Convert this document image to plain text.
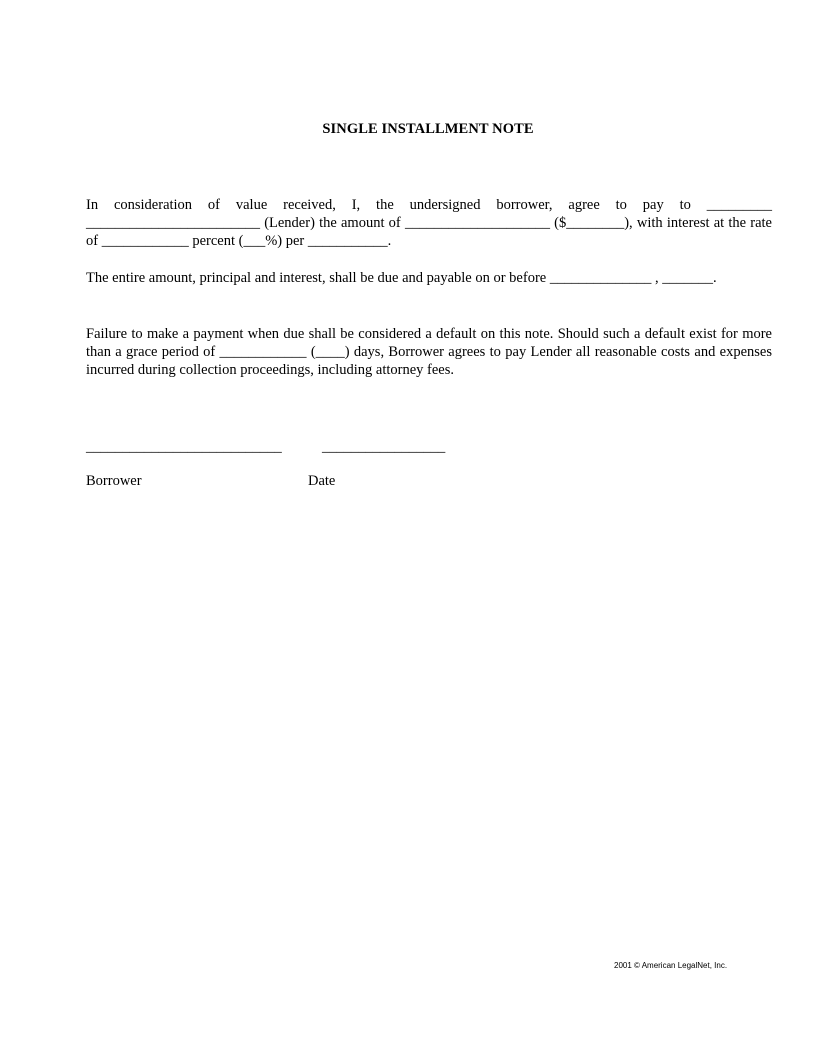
SINGLE INSTALLMENT NOTE
In consideration of value received, I, the undersigned borrower, agree to pay to _________ ________________________ (Lender) the amount of ____________________ ($________), with interest at the rate of ____________ percent (___%) per ___________.
The entire amount, principal and interest, shall be due and payable on or before ______________ , _______.
Failure to make a payment when due shall be considered a default on this note. Should such a default exist for more than a grace period of ____________ (____) days, Borrower agrees to pay Lender all reasonable costs and expenses incurred during collection proceedings, including attorney fees.
___________________________	_________________
Borrower	Date
2001 © American LegalNet, Inc.
